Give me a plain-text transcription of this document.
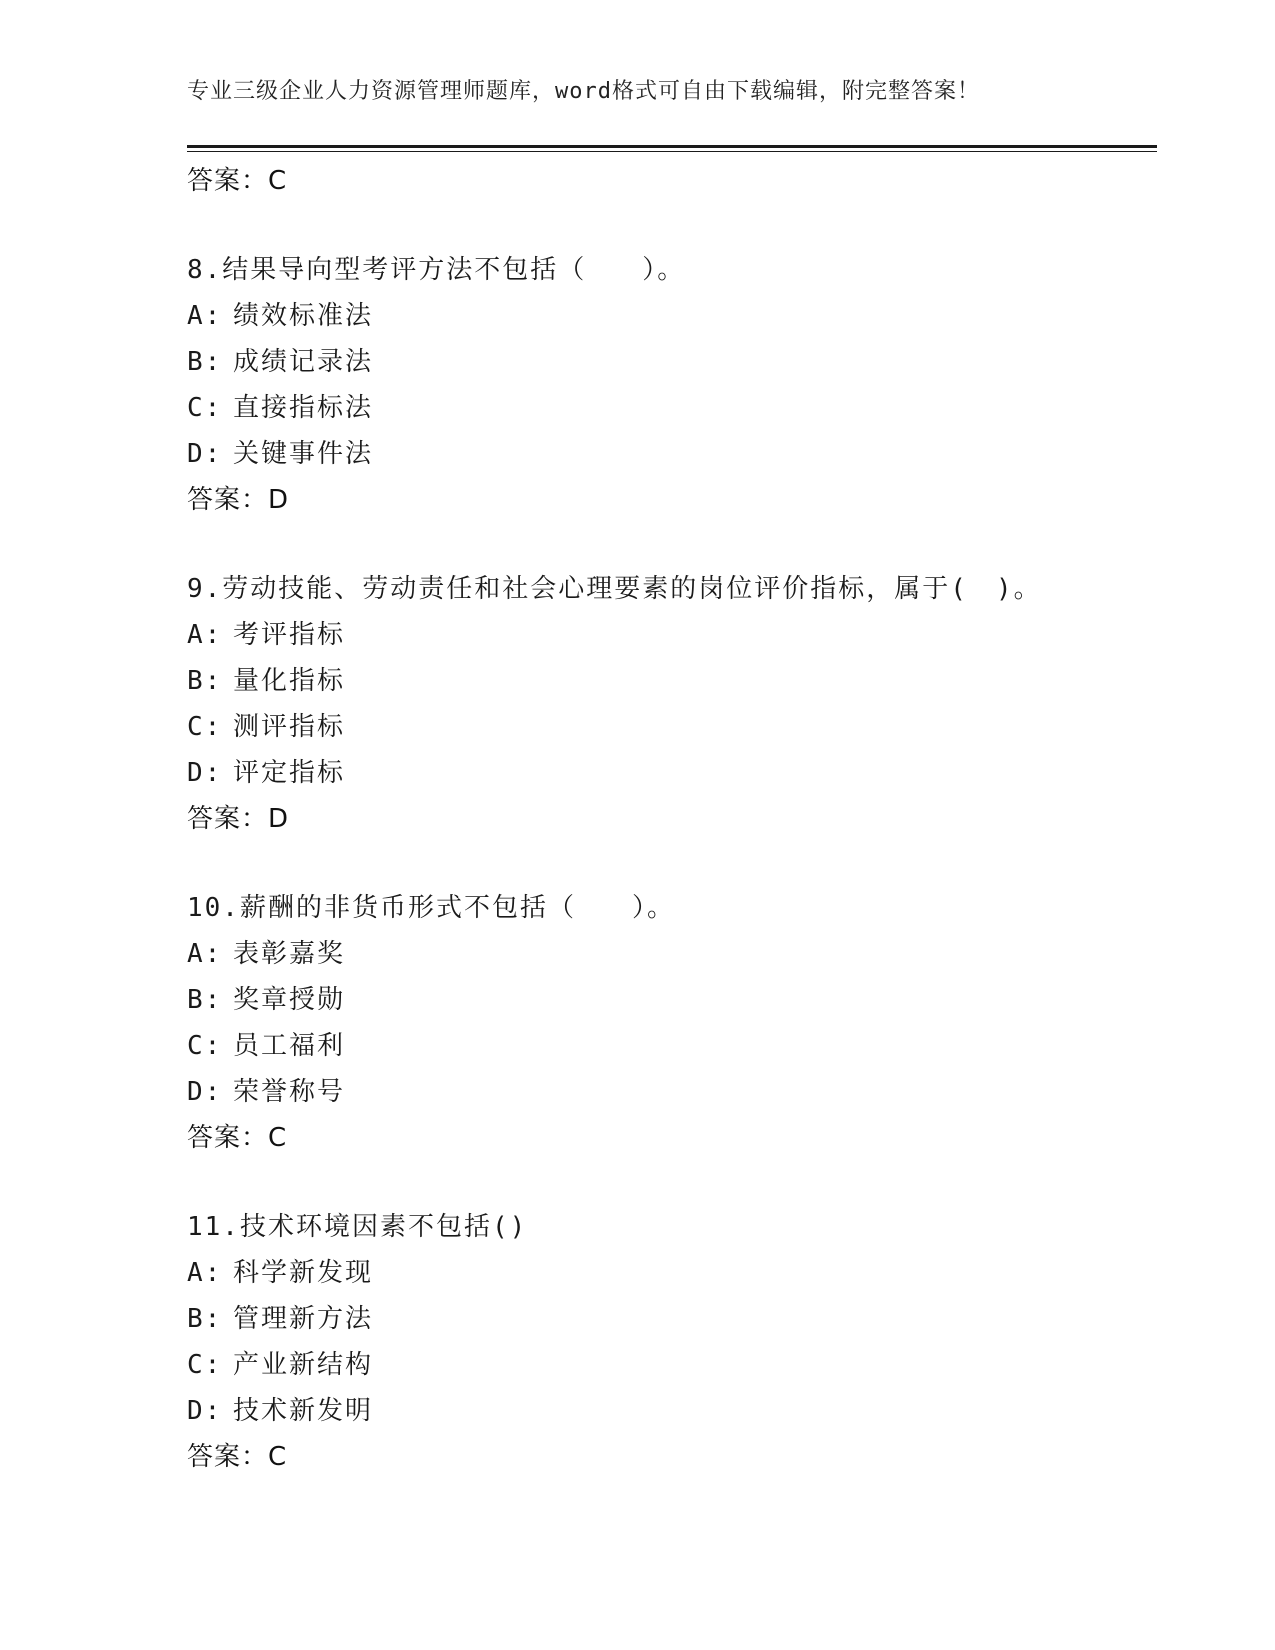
专业三级企业人力资源管理师题库，word格式可自由下载编辑，附完整答案！
答案：C
8.结果导向型考评方法不包括（　　）。
A: 绩效标准法
B: 成绩记录法
C: 直接指标法
D: 关键事件法
答案：D
9.劳动技能、劳动责任和社会心理要素的岗位评价指标，属于(　)。
A: 考评指标
B: 量化指标
C: 测评指标
D: 评定指标
答案：D
10.薪酬的非货币形式不包括（　　）。
A: 表彰嘉奖
B: 奖章授勋
C: 员工福利
D: 荣誉称号
答案：C
11.技术环境因素不包括()
A: 科学新发现
B: 管理新方法
C: 产业新结构
D: 技术新发明
答案：C
